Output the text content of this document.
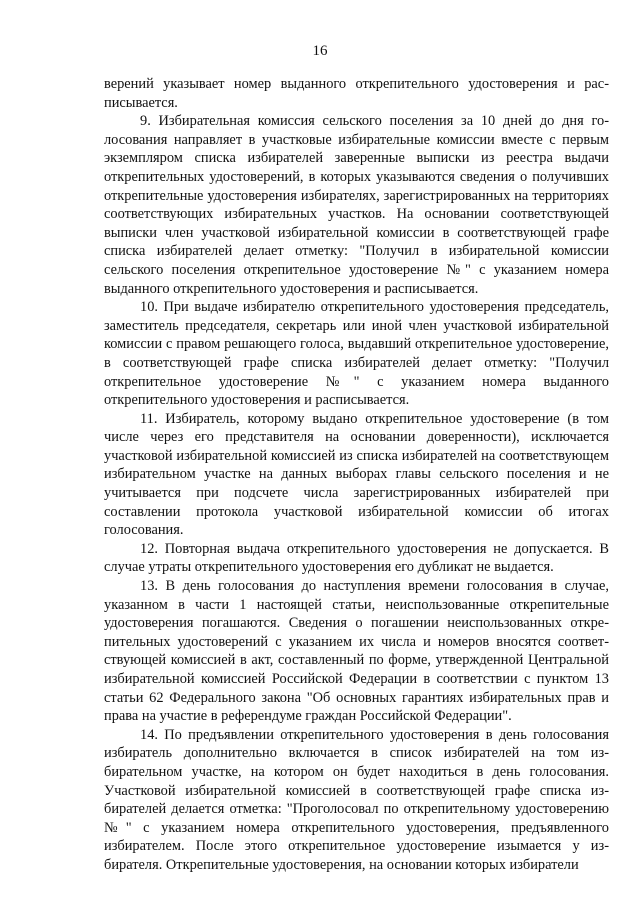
16

верений указывает номер выданного открепительного удостоверения и расписывается.

9. Избирательная комиссия сельского поселения за 10 дней до дня голосования направляет в участковые избирательные комиссии вместе с первым экземпляром списка избирателей заверенные выписки из реестра выдачи открепительных удостоверений, в которых указываются сведения о получивших открепительные удостоверения избирателях, зарегистрированных на территориях соответствующих избирательных участков. На основании соответствующей выписки член участковой избирательной комиссии в соответствующей графе списка избирателей делает отметку: "Получил в избирательной комиссии сельского поселения открепительное удостоверение №" с указанием номера выданного открепительного удостоверения и расписывается.

10. При выдаче избирателю открепительного удостоверения председатель, заместитель председателя, секретарь или иной член участковой избирательной комиссии с правом решающего голоса, выдавший открепительное удостоверение, в соответствующей графе списка избирателей делает отметку: "Получил открепительное удостоверение №" с указанием номера выданного открепительного удостоверения и расписывается.

11. Избиратель, которому выдано открепительное удостоверение (в том числе через его представителя на основании доверенности), исключается участковой избирательной комиссией из списка избирателей на соответствующем избирательном участке на данных выборах главы сельского поселения и не учитывается при подсчете числа зарегистрированных избирателей при составлении протокола участковой избирательной комиссии об итогах голосования.

12. Повторная выдача открепительного удостоверения не допускается. В случае утраты открепительного удостоверения его дубликат не выдается.

13. В день голосования до наступления времени голосования в случае, указанном в части 1 настоящей статьи, неиспользованные открепительные удостоверения погашаются. Сведения о погашении неиспользованных открепительных удостоверений с указанием их числа и номеров вносятся соответствующей комиссией в акт, составленный по форме, утвержденной Центральной избирательной комиссией Российской Федерации в соответствии с пунктом 13 статьи 62 Федерального закона "Об основных гарантиях избирательных прав и права на участие в референдуме граждан Российской Федерации".

14. По предъявлении открепительного удостоверения в день голосования избиратель дополнительно включается в список избирателей на том избирательном участке, на котором он будет находиться в день голосования. Участковой избирательной комиссией в соответствующей графе списка избирателей делается отметка: "Проголосовал по открепительному удостоверению №" с указанием номера открепительного удостоверения, предъявленного избирателем. После этого открепительное удостоверение изымается у избирателя. Открепительные удостоверения, на основании которых избиратели
